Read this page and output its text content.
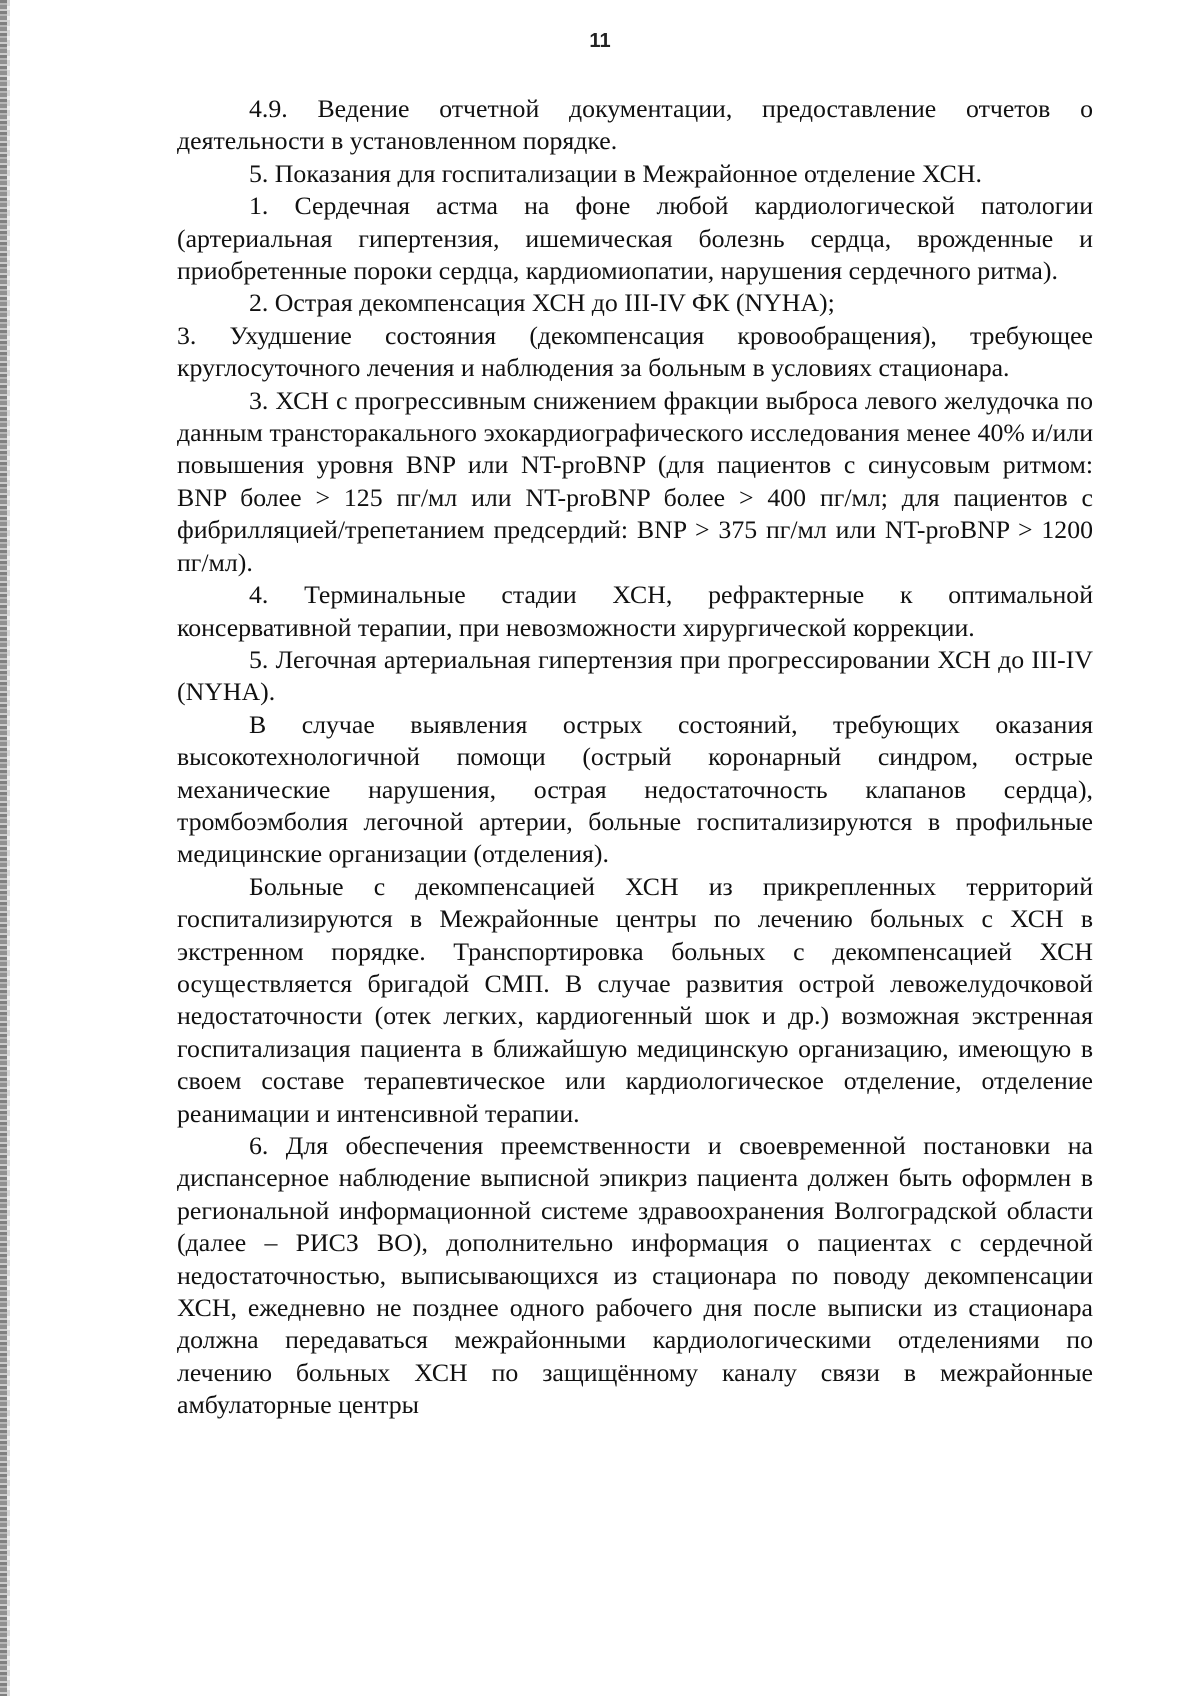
11

4.9. Ведение отчетной документации, предоставление отчетов о деятельности в установленном порядке.

5. Показания для госпитализации в Межрайонное отделение ХСН.

1. Сердечная астма на фоне любой кардиологической патологии (артериальная гипертензия, ишемическая болезнь сердца, врожденные и приобретенные пороки сердца, кардиомиопатии, нарушения сердечного ритма).

2. Острая декомпенсация ХСН до III-IV ФК (NYHA);

3. Ухудшение состояния (декомпенсация кровообращения), требующее круглосуточного лечения и наблюдения за больным в условиях стационара.

3. ХСН с прогрессивным снижением фракции выброса левого желудочка по данным трансторакального эхокардиографического исследования менее 40% и/или повышения уровня BNP или NT-proBNP (для пациентов с синусовым ритмом: BNP более > 125 пг/мл или NT-proBNP более > 400 пг/мл; для пациентов с фибрилляцией/трепетанием предсердий: BNP > 375 пг/мл или NT-proBNP > 1200 пг/мл).

4. Терминальные стадии ХСН, рефрактерные к оптимальной консервативной терапии, при невозможности хирургической коррекции.

5. Легочная артериальная гипертензия при прогрессировании ХСН до III-IV (NYHA).

В случае выявления острых состояний, требующих оказания высокотехнологичной помощи (острый коронарный синдром, острые механические нарушения, острая недостаточность клапанов сердца), тромбоэмболия легочной артерии, больные госпитализируются в профильные медицинские организации (отделения).

Больные с декомпенсацией ХСН из прикрепленных территорий госпитализируются в Межрайонные центры по лечению больных с ХСН в экстренном порядке. Транспортировка больных с декомпенсацией ХСН осуществляется бригадой СМП. В случае развития острой левожелудочковой недостаточности (отек легких, кардиогенный шок и др.) возможная экстренная госпитализация пациента в ближайшую медицинскую организацию, имеющую в своем составе терапевтическое или кардиологическое отделение, отделение реанимации и интенсивной терапии.

6. Для обеспечения преемственности и своевременной постановки на диспансерное наблюдение выписной эпикриз пациента должен быть оформлен в региональной информационной системе здравоохранения Волгоградской области (далее – РИСЗ ВО), дополнительно информация о пациентах с сердечной недостаточностью, выписывающихся из стационара по поводу декомпенсации ХСН, ежедневно не позднее одного рабочего дня после выписки из стационара должна передаваться межрайонными кардиологическими отделениями по лечению больных ХСН по защищённому каналу связи в межрайонные амбулаторные центры
